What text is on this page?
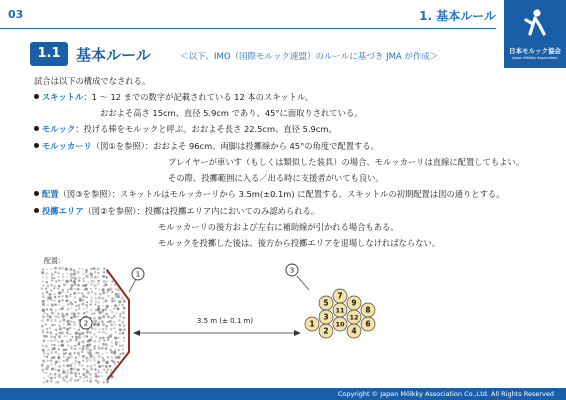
03	1. 基本ルール
日本モルック協会
Japan Mölkky Association
1.1	基本ルール	＜以下、IMO（国際モルック連盟）のルールに基づき JMA が作成＞
試合は以下の構成でなされる。
スキットル：1 ～ 12 までの数字が記載されている 12 本のスキットル。
おおよそ高さ 15cm、直径 5.9cm であり、45°に面取りされている。
モルック：投げる棒をモルックと呼ぶ。おおよそ長さ 22.5cm、直径 5.9cm。
モルッカーリ（図①を参照）：おおよそ 96cm。両脚は投擲線から 45°の角度で配置する。
プレイヤーが車いす（もしくは類似した装具）の場合、モルッカーリは直線に配置してもよい。
その際、投擲範囲に入る／出る時に支援者がいても良い。
配置（図③を参照）：スキットルはモルッカーリから 3.5m(±0.1m) に配置する。スキットルの初期配置は図の通りとする。
投擲エリア（図②を参照）：投擲は投擲エリア内においてのみ認められる。
モルッカーリの後方および左右に補助線が引かれる場合もある。
モルックを投擲した後は、後方から投擲エリアを退場しなければならない。
配置:
1
2	3.5 m (± 0.1 m)
3
7
9
8
5
11
12
6
3
10
4
1
2
Copyright © Japan Mölkky Association Co.,Ltd. All Rights Reserved
